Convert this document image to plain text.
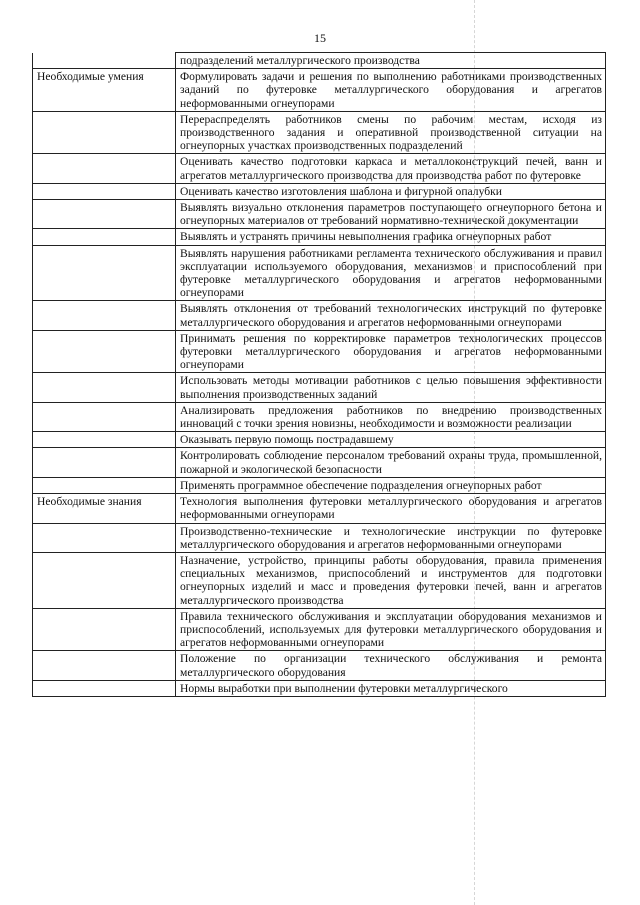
15
	подразделений металлургического производства
Необходимые умения	Формулировать задачи и решения по выполнению работниками производственных заданий по футеровке металлургического оборудования и агрегатов неформованными огнеупорами
	Перераспределять работников смены по рабочим местам, исходя из производственного задания и оперативной производственной ситуации на огнеупорных участках производственных подразделений
	Оценивать качество подготовки каркаса и металлоконструкций печей, ванн и агрегатов металлургического производства для производства работ по футеровке
	Оценивать качество изготовления шаблона и фигурной опалубки
	Выявлять визуально отклонения параметров поступающего огнеупорного бетона и огнеупорных материалов от требований нормативно-технической документации
	Выявлять и устранять причины невыполнения графика огнеупорных работ
	Выявлять нарушения работниками регламента технического обслуживания и правил эксплуатации используемого оборудования, механизмов и приспособлений при футеровке металлургического оборудования и агрегатов неформованными огнеупорами
	Выявлять отклонения от требований технологических инструкций по футеровке металлургического оборудования и агрегатов неформованными огнеупорами
	Принимать решения по корректировке параметров технологических процессов футеровки металлургического оборудования и агрегатов неформованными огнеупорами
	Использовать методы мотивации работников с целью повышения эффективности выполнения производственных заданий
	Анализировать предложения работников по внедрению производственных инноваций с точки зрения новизны, необходимости и возможности реализации
	Оказывать первую помощь пострадавшему
	Контролировать соблюдение персоналом требований охраны труда, промышленной, пожарной и экологической безопасности
	Применять программное обеспечение подразделения огнеупорных работ
Необходимые знания	Технология выполнения футеровки металлургического оборудования и агрегатов неформованными огнеупорами
	Производственно-технические и технологические инструкции по футеровке металлургического оборудования и агрегатов неформованными огнеупорами
	Назначение, устройство, принципы работы оборудования, правила применения специальных механизмов, приспособлений и инструментов для подготовки огнеупорных изделий и масс и проведения футеровки печей, ванн и агрегатов металлургического производства
	Правила технического обслуживания и эксплуатации оборудования механизмов и приспособлений, используемых для футеровки металлургического оборудования и агрегатов неформованными огнеупорами
	Положение по организации технического обслуживания и ремонта металлургического оборудования
	Нормы выработки при выполнении футеровки металлургического
